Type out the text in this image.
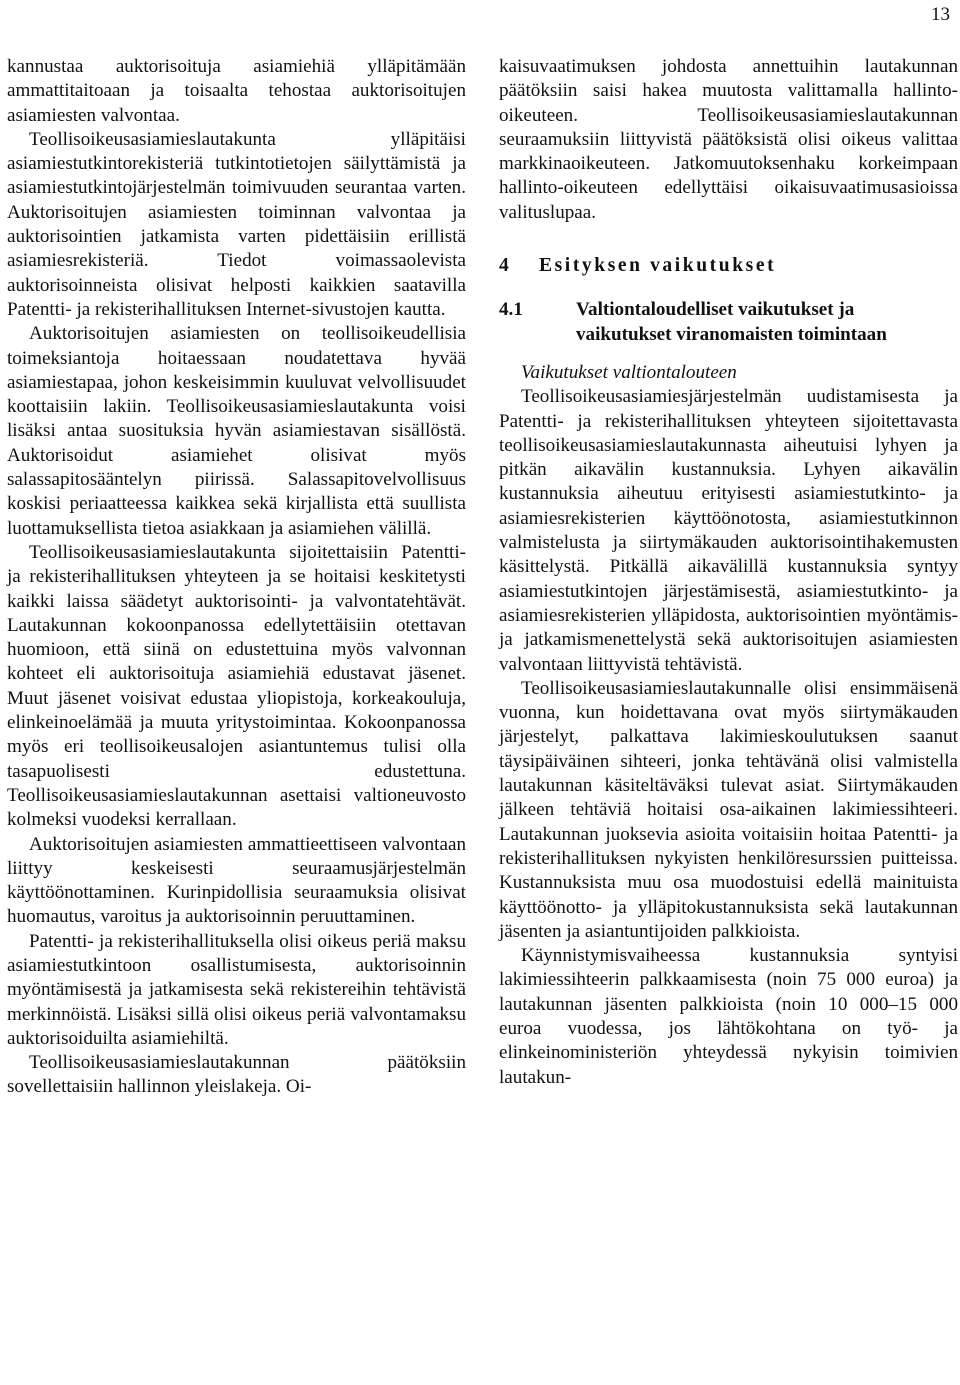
13

kannustaa auktorisoituja asiamiehiä ylläpitämään ammattitaitoaan ja toisaalta tehostaa auktorisoitujen asiamiesten valvontaa.

Teollisoikeusasiamieslautakunta ylläpitäisi asiamiestutkintorekisteriä tutkintotietojen säilyttämistä ja asiamiestutkintojärjestelmän toimivuuden seurantaa varten. Auktorisoitujen asiamiesten toiminnan valvontaa ja auktorisointien jatkamista varten pidettäisiin erillistä asiamiesrekisteriä. Tiedot voimassaolevista auktorisoinneista olisivat helposti kaikkien saatavilla Patentti- ja rekisterihallituksen Internet-sivustojen kautta.

Auktorisoitujen asiamiesten on teollisoikeudellisia toimeksiantoja hoitaessaan noudatettava hyvää asiamiestapaa, johon keskeisimmin kuuluvat velvollisuudet koottaisiin lakiin. Teollisoikeusasiamieslautakunta voisi lisäksi antaa suosituksia hyvän asiamiestavan sisällöstä. Auktorisoidut asiamiehet olisivat myös salassapitosääntelyn piirissä. Salassapitovelvollisuus koskisi periaatteessa kaikkea sekä kirjallista että suullista luottamuksellista tietoa asiakkaan ja asiamiehen välillä.

Teollisoikeusasiamieslautakunta sijoitettaisiin Patentti- ja rekisterihallituksen yhteyteen ja se hoitaisi keskitetysti kaikki laissa säädetyt auktorisointi- ja valvontatehtävät. Lautakunnan kokoonpanossa edellytettäisiin otettavan huomioon, että siinä on edustettuina myös valvonnan kohteet eli auktorisoituja asiamiehiä edustavat jäsenet. Muut jäsenet voisivat edustaa yliopistoja, korkeakouluja, elinkeinoelämää ja muuta yritystoimintaa. Kokoonpanossa myös eri teollisoikeusalojen asiantuntemus tulisi olla tasapuolisesti edustettuna. Teollisoikeusasiamieslautakunnan asettaisi valtioneuvosto kolmeksi vuodeksi kerrallaan.

Auktorisoitujen asiamiesten ammattieettiseen valvontaan liittyy keskeisesti seuraamusjärjestelmän käyttöönottaminen. Kurinpidollisia seuraamuksia olisivat huomautus, varoitus ja auktorisoinnin peruuttaminen.

Patentti- ja rekisterihallituksella olisi oikeus periä maksu asiamiestutkintoon osallistumisesta, auktorisoinnin myöntämisestä ja jatkamisesta sekä rekistereihin tehtävistä merkinnöistä. Lisäksi sillä olisi oikeus periä valvontamaksu auktorisoiduilta asiamiehiltä.

Teollisoikeusasiamieslautakunnan päätöksiin sovellettaisiin hallinnon yleislakeja. Oi-

kaisuvaatimuksen johdosta annettuihin lautakunnan päätöksiin saisi hakea muutosta valittamalla hallinto-oikeuteen. Teollisoikeusasiamieslautakunnan seuraamuksiin liittyvistä päätöksistä olisi oikeus valittaa markkinaoikeuteen. Jatkomuutoksenhaku korkeimpaan hallinto-oikeuteen edellyttäisi oikaisuvaatimusasioissa valituslupaa.

4	Esityksen vaikutukset
4.1	Valtiontaloudelliset vaikutukset ja vaikutukset viranomaisten toimintaan

Vaikutukset valtiontalouteen

Teollisoikeusasiamiesjärjestelmän uudistamisesta ja Patentti- ja rekisterihallituksen yhteyteen sijoitettavasta teollisoikeusasiamieslautakunnasta aiheutuisi lyhyen ja pitkän aikavälin kustannuksia. Lyhyen aikavälin kustannuksia aiheutuu erityisesti asiamiestutkinto- ja asiamiesrekisterien käyttöönotosta, asiamiestutkinnon valmistelusta ja siirtymäkauden auktorisointihakemusten käsittelystä. Pitkällä aikavälillä kustannuksia syntyy asiamiestutkintojen järjestämisestä, asiamiestutkinto- ja asiamiesrekisterien ylläpidosta, auktorisointien myöntämis- ja jatkamismenettelystä sekä auktorisoitujen asiamiesten valvontaan liittyvistä tehtävistä.

Teollisoikeusasiamieslautakunnalle olisi ensimmäisenä vuonna, kun hoidettavana ovat myös siirtymäkauden järjestelyt, palkattava lakimieskoulutuksen saanut täysipäiväinen sihteeri, jonka tehtävänä olisi valmistella lautakunnan käsiteltäväksi tulevat asiat. Siirtymäkauden jälkeen tehtäviä hoitaisi osa-aikainen lakimiessihteeri. Lautakunnan juoksevia asioita voitaisiin hoitaa Patentti- ja rekisterihallituksen nykyisten henkilöresurssien puitteissa. Kustannuksista muu osa muodostuisi edellä mainituista käyttöönotto- ja ylläpitokustannuksista sekä lautakunnan jäsenten ja asiantuntijoiden palkkioista.

Käynnistymisvaiheessa kustannuksia syntyisi lakimiessihteerin palkkaamisesta (noin 75 000 euroa) ja lautakunnan jäsenten palkkioista (noin 10 000–15 000 euroa vuodessa, jos lähtökohtana on työ- ja elinkeinoministeriön yhteydessä nykyisin toimivien lautakun-
